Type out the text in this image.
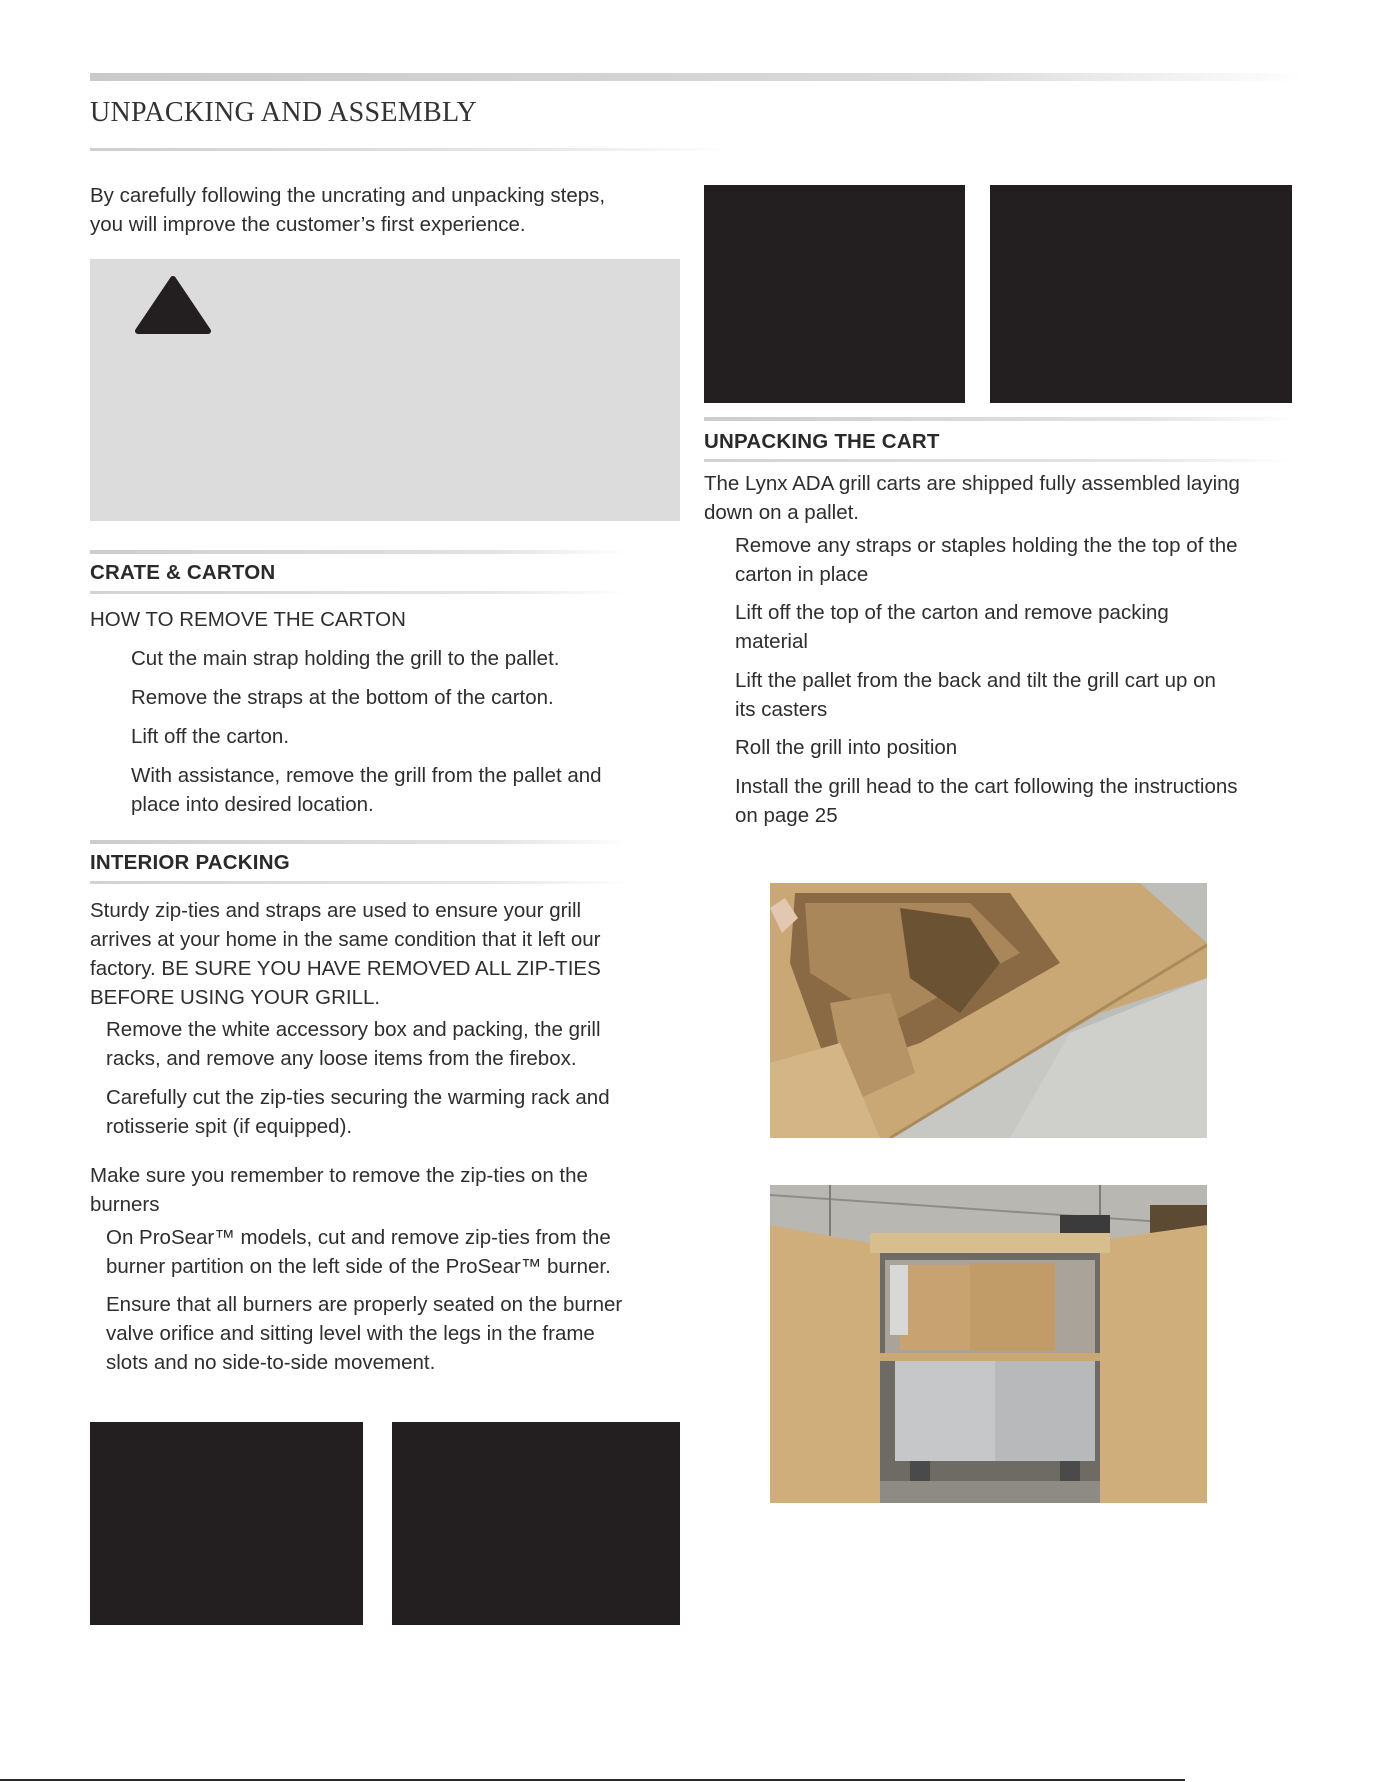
UNPACKING AND ASSEMBLY
By carefully following the uncrating and unpacking steps,
you will improve the customer’s first experience.
CRATE & CARTON
HOW TO REMOVE THE CARTON
Cut the main strap holding the grill to the pallet.
Remove the straps at the bottom of the carton.
Lift off the carton.
With assistance, remove the grill from the pallet and
place into desired location.
INTERIOR PACKING
Sturdy zip-ties and straps are used to ensure your grill
arrives at your home in the same condition that it left our
factory. BE SURE YOU HAVE REMOVED ALL ZIP-TIES
BEFORE USING YOUR GRILL.
Remove the white accessory box and packing, the grill
racks, and remove any loose items from the firebox.
Carefully cut the zip-ties securing the warming rack and
rotisserie spit (if equipped).
Make sure you remember to remove the zip-ties on the
burners
On ProSear™ models, cut and remove zip-ties from the
burner partition on the left side of the ProSear™ burner.
Ensure that all burners are properly seated on the burner
valve orifice and sitting level with the legs in the frame
slots and no side-to-side movement.
UNPACKING THE CART
The Lynx ADA grill carts are shipped fully assembled laying
down on a pallet.
Remove any straps or staples holding the the top of the
carton in place
Lift off the top of the carton and remove packing
material
Lift the pallet from the back and tilt the grill cart up on
its casters
Roll the grill into position
Install the grill head to the cart following the instructions
on page 25
